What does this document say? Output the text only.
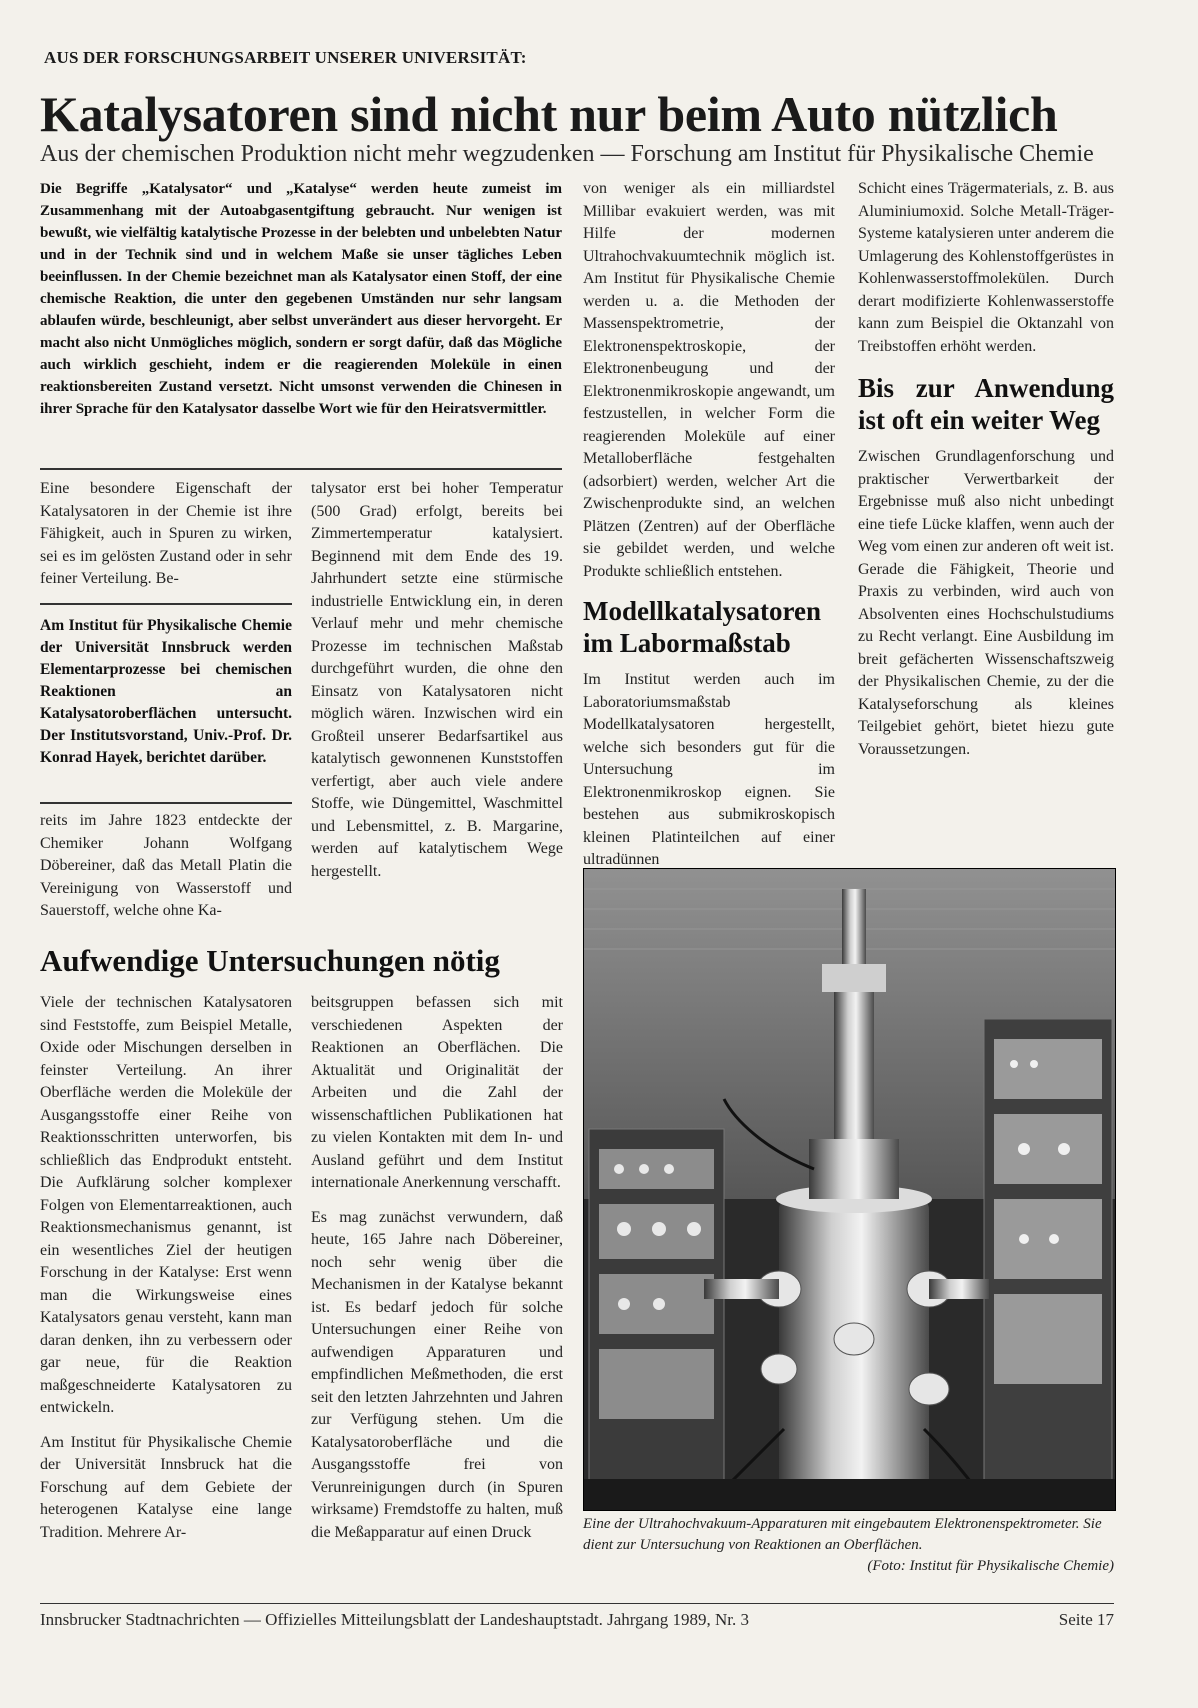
AUS DER FORSCHUNGSARBEIT UNSERER UNIVERSITÄT:
Katalysatoren sind nicht nur beim Auto nützlich
Aus der chemischen Produktion nicht mehr wegzudenken — Forschung am Institut für Physikalische Chemie
Die Begriffe „Katalysator“ und „Katalyse“ werden heute zumeist im Zusammenhang mit der Autoabgasentgiftung gebraucht. Nur wenigen ist bewußt, wie vielfältig katalytische Prozesse in der belebten und unbelebten Natur und in der Technik sind und in welchem Maße sie unser tägliches Leben beeinflussen. In der Chemie bezeichnet man als Katalysator einen Stoff, der eine chemische Reaktion, die unter den gegebenen Umständen nur sehr langsam ablaufen würde, beschleunigt, aber selbst unverändert aus dieser hervorgeht. Er macht also nicht Unmögliches möglich, sondern er sorgt dafür, daß das Mögliche auch wirklich geschieht, indem er die reagierenden Moleküle in einen reaktionsbereiten Zustand versetzt. Nicht umsonst verwenden die Chinesen in ihrer Sprache für den Katalysator dasselbe Wort wie für den Heiratsvermittler.

Eine besondere Eigenschaft der Katalysatoren in der Chemie ist ihre Fähigkeit, auch in Spuren zu wirken, sei es im gelösten Zustand oder in sehr feiner Verteilung. Be-

Am Institut für Physikalische Chemie der Universität Innsbruck werden Elementarprozesse bei chemischen Reaktionen an Katalysatoroberflächen untersucht. Der Institutsvorstand, Univ.-Prof. Dr. Konrad Hayek, berichtet darüber.

reits im Jahre 1823 entdeckte der Chemiker Johann Wolfgang Döbereiner, daß das Metall Platin die Vereinigung von Wasserstoff und Sauerstoff, welche ohne Ka-

talysator erst bei hoher Temperatur (500 Grad) erfolgt, bereits bei Zimmertemperatur katalysiert. Beginnend mit dem Ende des 19. Jahrhundert setzte eine stürmische industrielle Entwicklung ein, in deren Verlauf mehr und mehr chemische Prozesse im technischen Maßstab durchgeführt wurden, die ohne den Einsatz von Katalysatoren nicht möglich wären. Inzwischen wird ein Großteil unserer Bedarfsartikel aus katalytisch gewonnenen Kunststoffen verfertigt, aber auch viele andere Stoffe, wie Düngemittel, Waschmittel und Lebensmittel, z. B. Margarine, werden auf katalytischem Wege hergestellt.

von weniger als ein milliardstel Millibar evakuiert werden, was mit Hilfe der modernen Ultrahochvakuumtechnik möglich ist. Am Institut für Physikalische Chemie werden u. a. die Methoden der Massenspektrometrie, der Elektronenspektroskopie, der Elektronenbeugung und der Elektronenmikroskopie angewandt, um festzustellen, in welcher Form die reagierenden Moleküle auf einer Metalloberfläche festgehalten (adsorbiert) werden, welcher Art die Zwischenprodukte sind, an welchen Plätzen (Zentren) auf der Oberfläche sie gebildet werden, und welche Produkte schließlich entstehen.

Modellkatalysatoren im Labormaßstab

Im Institut werden auch im Laboratoriumsmaßstab Modellkatalysatoren hergestellt, welche sich besonders gut für die Untersuchung im Elektronenmikroskop eignen. Sie bestehen aus submikroskopisch kleinen Platinteilchen auf einer ultradünnen

Schicht eines Trägermaterials, z. B. aus Aluminiumoxid. Solche Metall-Träger-Systeme katalysieren unter anderem die Umlagerung des Kohlenstoffgerüstes in Kohlenwasserstoffmolekülen. Durch derart modifizierte Kohlenwasserstoffe kann zum Beispiel die Oktanzahl von Treibstoffen erhöht werden.

Bis zur Anwendung ist oft ein weiter Weg

Zwischen Grundlagenforschung und praktischer Verwertbarkeit der Ergebnisse muß also nicht unbedingt eine tiefe Lücke klaffen, wenn auch der Weg vom einen zur anderen oft weit ist. Gerade die Fähigkeit, Theorie und Praxis zu verbinden, wird auch von Absolventen eines Hochschulstudiums zu Recht verlangt. Eine Ausbildung im breit gefächerten Wissenschaftszweig der Physikalischen Chemie, zu der die Katalyseforschung als kleines Teilgebiet gehört, bietet hiezu gute Voraussetzungen.

Aufwendige Untersuchungen nötig

Viele der technischen Katalysatoren sind Feststoffe, zum Beispiel Metalle, Oxide oder Mischungen derselben in feinster Verteilung. An ihrer Oberfläche werden die Moleküle der Ausgangsstoffe einer Reihe von Reaktionsschritten unterworfen, bis schließlich das Endprodukt entsteht. Die Aufklärung solcher komplexer Folgen von Elementarreaktionen, auch Reaktionsmechanismus genannt, ist ein wesentliches Ziel der heutigen Forschung in der Katalyse: Erst wenn man die Wirkungsweise eines Katalysators genau versteht, kann man daran denken, ihn zu verbessern oder gar neue, für die Reaktion maßgeschneiderte Katalysatoren zu entwickeln.

Am Institut für Physikalische Chemie der Universität Innsbruck hat die Forschung auf dem Gebiete der heterogenen Katalyse eine lange Tradition. Mehrere Ar-

beitsgruppen befassen sich mit verschiedenen Aspekten der Reaktionen an Oberflächen. Die Aktualität und Originalität der Arbeiten und die Zahl der wissenschaftlichen Publikationen hat zu vielen Kontakten mit dem In- und Ausland geführt und dem Institut internationale Anerkennung verschafft.

Es mag zunächst verwundern, daß heute, 165 Jahre nach Döbereiner, noch sehr wenig über die Mechanismen in der Katalyse bekannt ist. Es bedarf jedoch für solche Untersuchungen einer Reihe von aufwendigen Apparaturen und empfindlichen Meßmethoden, die erst seit den letzten Jahrzehnten und Jahren zur Verfügung stehen. Um die Katalysatoroberfläche und die Ausgangsstoffe frei von Verunreinigungen durch (in Spuren wirksame) Fremdstoffe zu halten, muß die Meßapparatur auf einen Druck	Eine der Ultrahochvakuum-Apparaturen mit eingebautem Elektronenspektrometer. Sie dient zur Untersuchung von Reaktionen an Oberflächen.
(Foto: Institut für Physikalische Chemie)
Innsbrucker Stadtnachrichten — Offizielles Mitteilungsblatt der Landeshauptstadt. Jahrgang 1989, Nr. 3	Seite 17
